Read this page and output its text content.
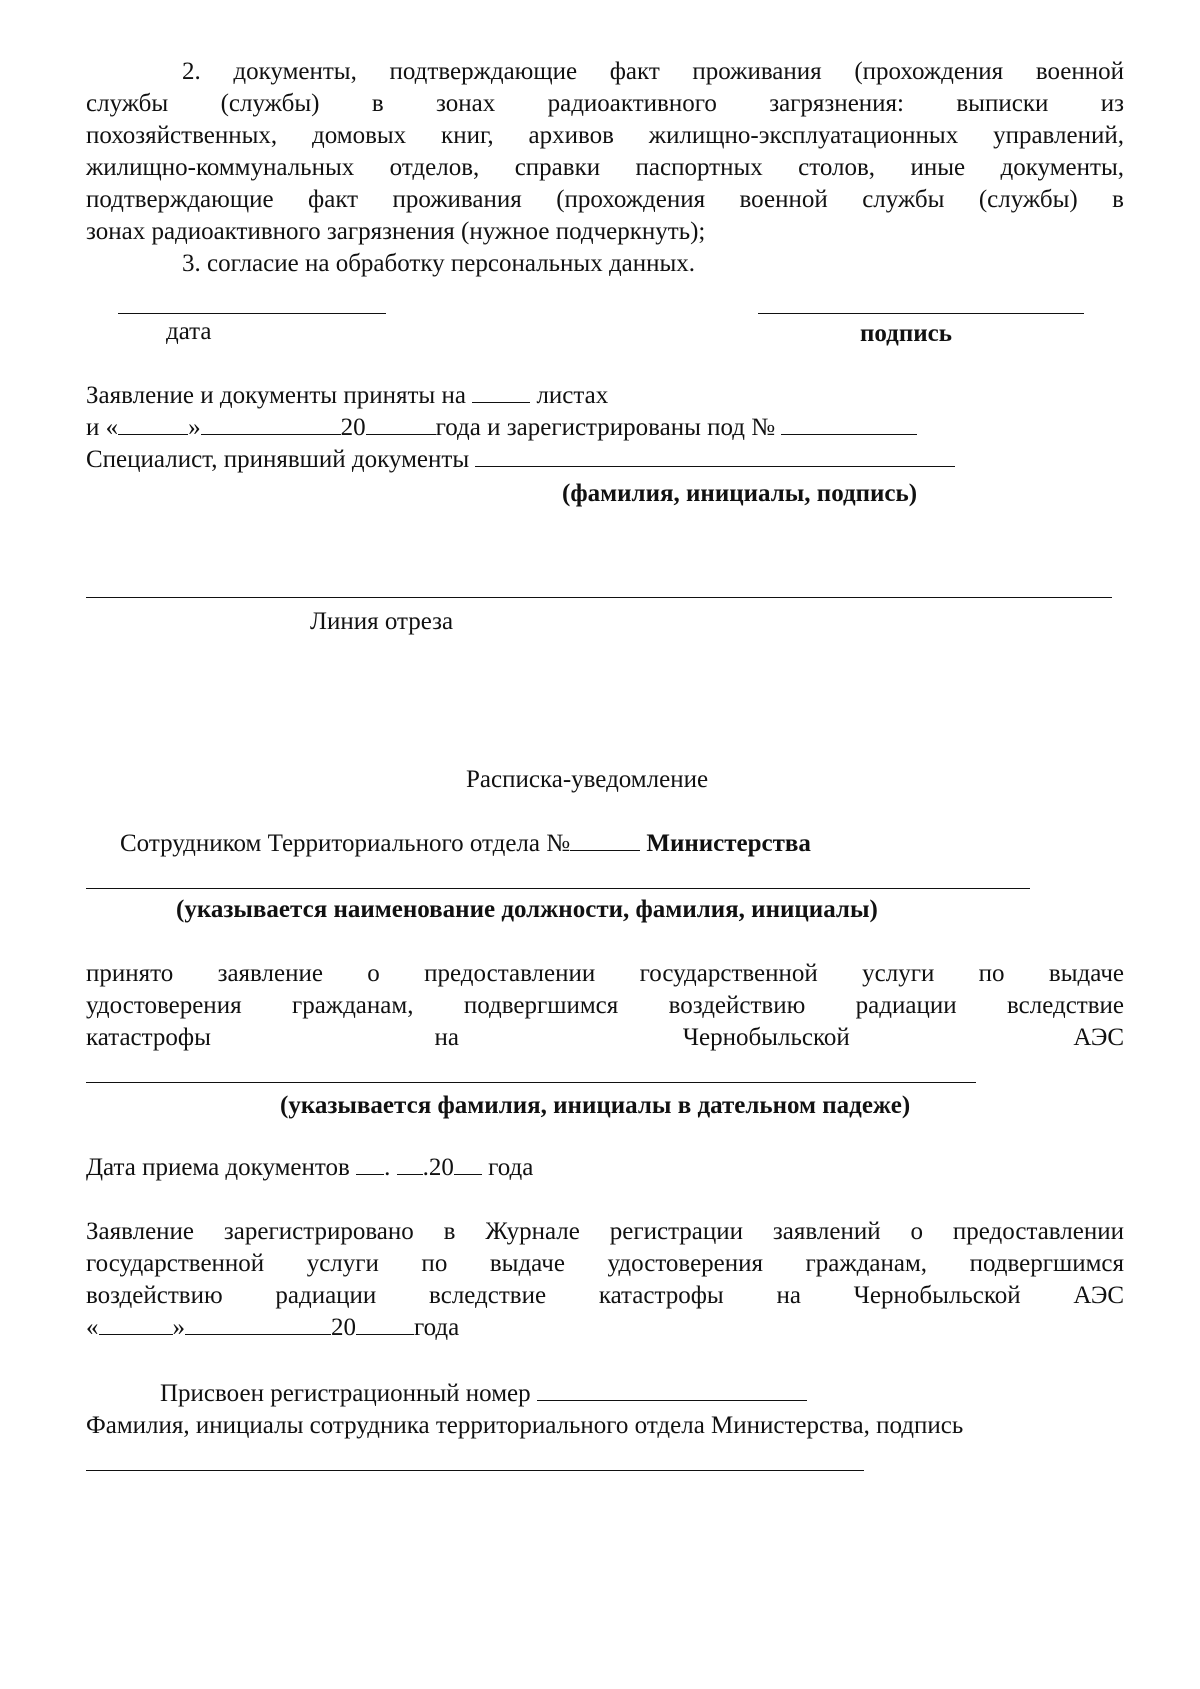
2. документы, подтверждающие факт проживания (прохождения военной
службы (службы) в зонах радиоактивного загрязнения: выписки из
похозяйственных, домовых книг, архивов жилищно-эксплуатационных управлений,
жилищно-коммунальных отделов, справки паспортных столов, иные документы,
подтверждающие факт проживания (прохождения военной службы (службы) в
зонах радиоактивного загрязнения (нужное подчеркнуть);
3. согласие на обработку персональных данных.
дата	подпись
Заявление и документы приняты на	листах
и «	»	20	года и зарегистрированы под №
Специалист, принявший документы
(фамилия, инициалы, подпись)
Линия отреза
Расписка-уведомление
Сотрудником Территориального отдела №	Министерства
(указывается наименование должности, фамилия, инициалы)
принято заявление о предоставлении государственной услуги по выдаче
удостоверения гражданам, подвергшимся воздействию радиации вследствие
катастрофы на Чернобыльской АЭС
(указывается фамилия, инициалы в дательном падеже)
Дата приема документов . .20 года
Заявление зарегистрировано в Журнале регистрации заявлений о предоставлении
государственной услуги по выдаче удостоверения гражданам, подвергшимся
воздействию радиации вследствие катастрофы на Чернобыльской АЭС
«	»	20 года
Присвоен регистрационный номер
Фамилия, инициалы сотрудника территориального отдела Министерства, подпись
